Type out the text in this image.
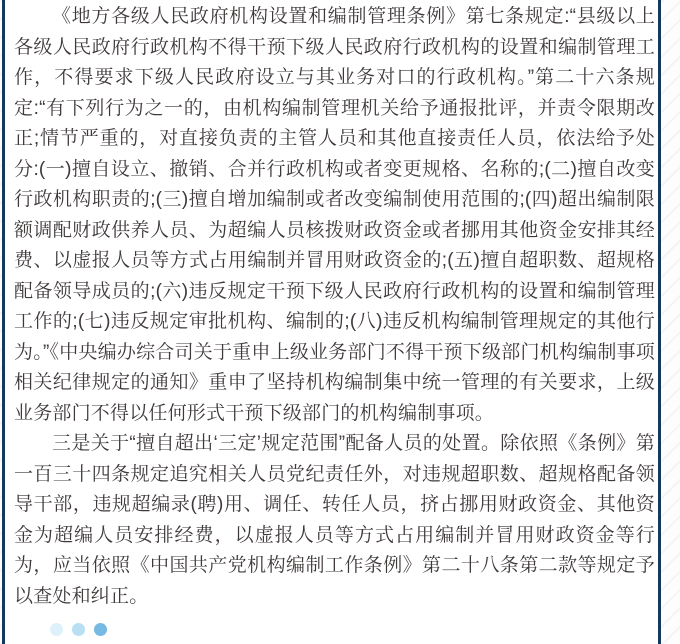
《地方各级人民政府机构设置和编制管理条例》第七条规定:“县级以上各级人民政府行政机构不得干预下级人民政府行政机构的设置和编制管理工作，不得要求下级人民政府设立与其业务对口的行政机构。”第二十六条规定:“有下列行为之一的，由机构编制管理机关给予通报批评，并责令限期改正;情节严重的，对直接负责的主管人员和其他直接责任人员，依法给予处分:(一)擅自设立、撤销、合并行政机构或者变更规格、名称的;(二)擅自改变行政机构职责的;(三)擅自增加编制或者改变编制使用范围的;(四)超出编制限额调配财政供养人员、为超编人员核拨财政资金或者挪用其他资金安排其经费、以虚报人员等方式占用编制并冒用财政资金的;(五)擅自超职数、超规格配备领导成员的;(六)违反规定干预下级人民政府行政机构的设置和编制管理工作的;(七)违反规定审批机构、编制的;(八)违反机构编制管理规定的其他行为。”《中央编办综合司关于重申上级业务部门不得干预下级部门机构编制事项相关纪律规定的通知》重申了坚持机构编制集中统一管理的有关要求，上级业务部门不得以任何形式干预下级部门的机构编制事项。

三是关于“擅自超出‘三定’规定范围”配备人员的处置。除依照《条例》第一百三十四条规定追究相关人员党纪责任外，对违规超职数、超规格配备领导干部，违规超编录(聘)用、调任、转任人员，挤占挪用财政资金、其他资金为超编人员安排经费，以虚报人员等方式占用编制并冒用财政资金等行为，应当依照《中国共产党机构编制工作条例》第二十八条第二款等规定予以查处和纠正。
